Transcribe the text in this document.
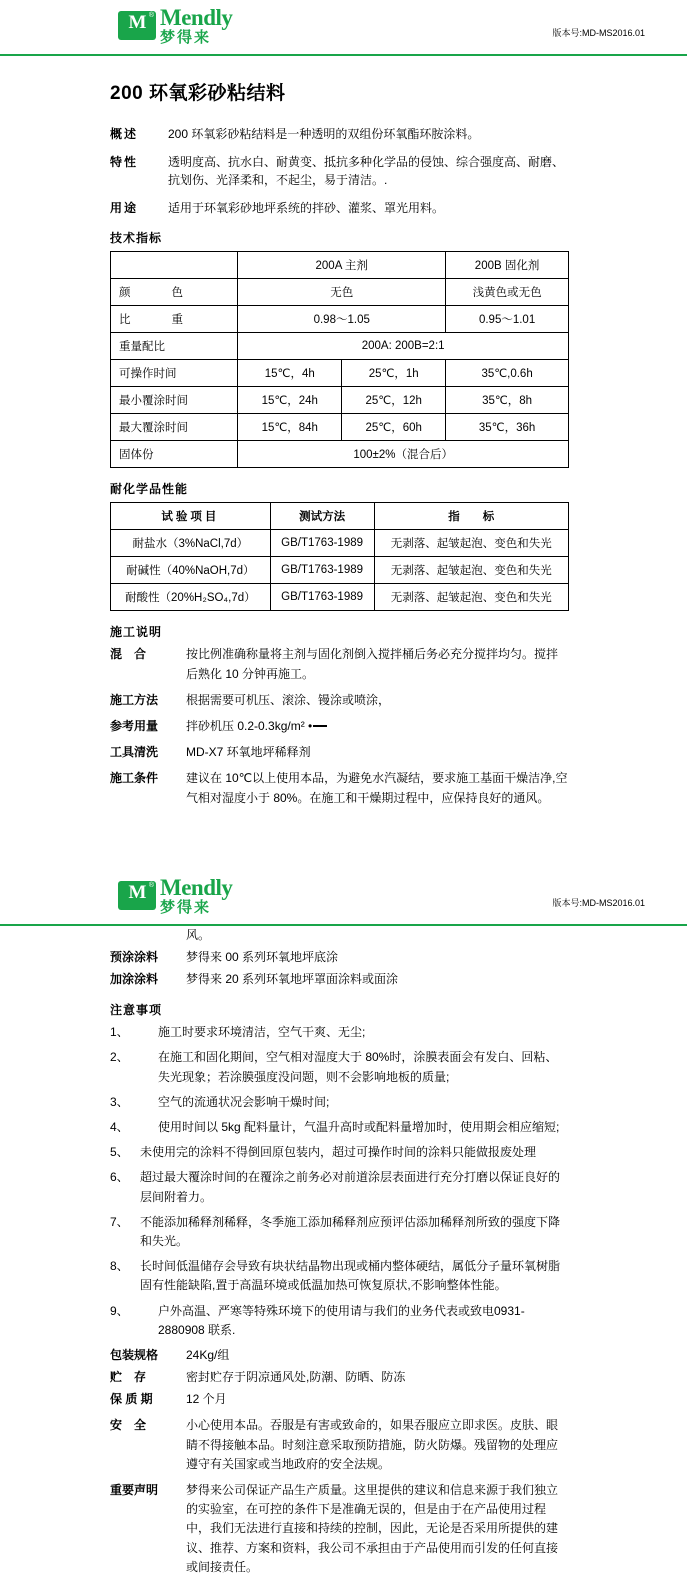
M ® Mendly
梦得来	版本号:MD-MS2016.01
200 环氧彩砂粘结料
概述	200 环氧彩砂粘结料是一种透明的双组份环氧酯环胺涂料。
特性	透明度高、抗水白、耐黄变、抵抗多种化学品的侵蚀、综合强度高、耐磨、抗划伤、光泽柔和，不起尘，易于清洁。.
用途	适用于环氧彩砂地坪系统的拌砂、灌浆、罩光用料。
技术指标
	200A 主剂		200B 固化剂
颜　　色	无色		浅黄色或无色
比　　重	0.98～1.05		0.95～1.01
重量配比	200A: 200B=2:1		
可操作时间	15℃，4h	25℃，1h	35℃,0.6h
最小覆涂时间	15℃，24h	25℃，12h	35℃，8h
最大覆涂时间	15℃，84h	25℃，60h	35℃，36h
固体份	100±2%（混合后）		
耐化学品性能
试验项目	测试方法	指　　标
耐盐水（3%NaCl,7d）	GB/T1763-1989	无剥落、起皱起泡、变色和失光
耐碱性（40%NaOH,7d）	GB/T1763-1989	无剥落、起皱起泡、变色和失光
耐酸性（20%H₂SO₄,7d）	GB/T1763-1989	无剥落、起皱起泡、变色和失光
施工说明
混　合	按比例准确称量将主剂与固化剂倒入搅拌桶后务必充分搅拌均匀。搅拌后熟化 10 分钟再施工。
施工方法	根据需要可机压、滚涂、镘涂或喷涂，
参考用量	拌砂机压 0.2-0.3kg/m² •
工具清洗	MD-X7 环氧地坪稀释剂
施工条件	建议在 10℃以上使用本品，为避免水汽凝结，要求施工基面干燥洁净,空气相对湿度小于 80%。在施工和干燥期过程中，应保持良好的通风。
M ® Mendly
梦得来	版本号:MD-MS2016.01
风。
预涂涂料	梦得来 00 系列环氧地坪底涂
加涂涂料	梦得来 20 系列环氧地坪罩面涂料或面涂
注意事项
1、	施工时要求环境清洁，空气干爽、无尘;
2、	在施工和固化期间，空气相对湿度大于 80%时，涂膜表面会有发白、回粘、失光现象；若涂膜强度没问题，则不会影响地板的质量;
3、	空气的流通状况会影响干燥时间;
4、	使用时间以 5kg 配料量计，气温升高时或配料量增加时，使用期会相应缩短;
5、 未使用完的涂料不得倒回原包装内，超过可操作时间的涂料只能做报废处理
6、 超过最大覆涂时间的在覆涂之前务必对前道涂层表面进行充分打磨以保证良好的层间附着力。
7、 不能添加稀释剂稀释，冬季施工添加稀释剂应预评估添加稀释剂所致的强度下降和失光。
8、 长时间低温储存会导致有块状结晶物出现或桶内整体硬结，属低分子量环氧树脂固有性能缺陷,置于高温环境或低温加热可恢复原状,不影响整体性能。
9、	户外高温、严寒等特殊环境下的使用请与我们的业务代表或致电0931-2880908 联系.
包装规格	24Kg/组
贮　存	密封贮存于阴凉通风处,防潮、防晒、防冻
保 质 期	12 个月
安　全	小心使用本品。吞服是有害或致命的，如果吞服应立即求医。皮肤、眼睛不得接触本品。时刻注意采取预防措施，防火防爆。残留物的处理应遵守有关国家或当地政府的安全法规。
重要声明	梦得来公司保证产品生产质量。这里提供的建议和信息来源于我们独立的实验室，在可控的条件下是准确无误的，但是由于在产品使用过程中，我们无法进行直接和持续的控制，因此，无论是否采用所提供的建议、推荐、方案和资料，我公司不承担由于产品使用而引发的任何直接或间接责任。
